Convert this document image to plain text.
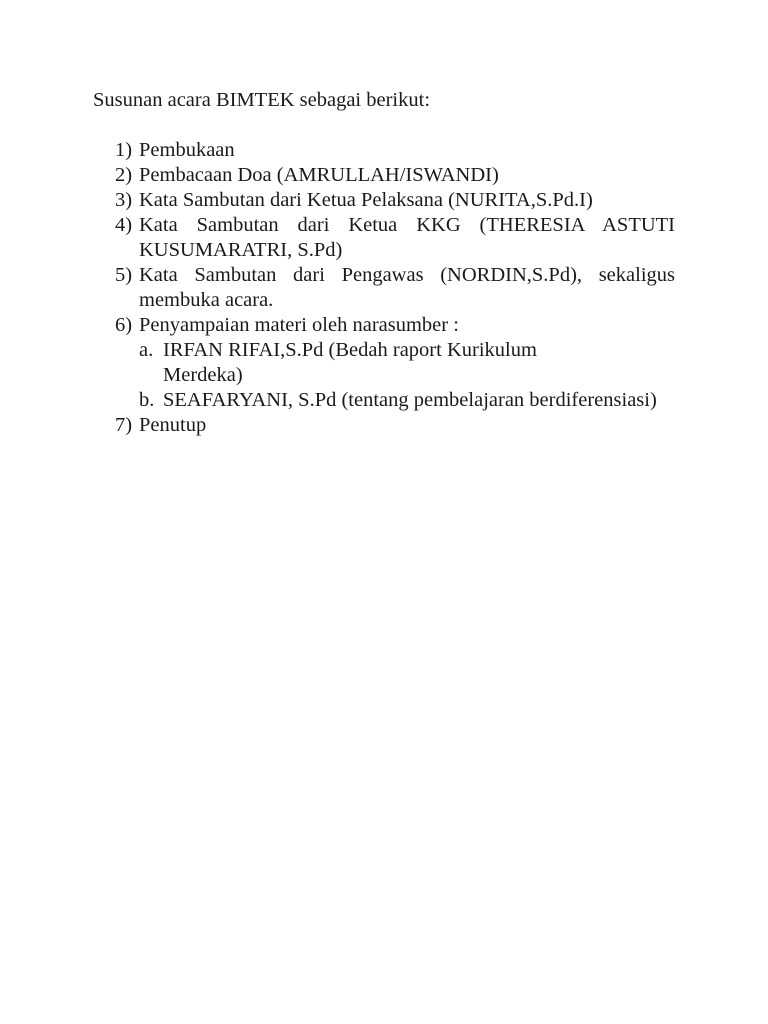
Susunan acara BIMTEK sebagai berikut:

1) Pembukaan
2) Pembacaan Doa (AMRULLAH/ISWANDI)
3) Kata Sambutan dari Ketua Pelaksana (NURITA,S.Pd.I)
4) Kata Sambutan dari Ketua KKG (THERESIA ASTUTI KUSUMARATRI, S.Pd)
5) Kata Sambutan dari Pengawas (NORDIN,S.Pd), sekaligus membuka acara.
6) Penyampaian materi oleh narasumber :
a. IRFAN RIFAI,S.Pd (Bedah raport Kurikulum Merdeka)
b. SEAFARYANI, S.Pd (tentang pembelajaran berdiferensiasi)
7) Penutup
